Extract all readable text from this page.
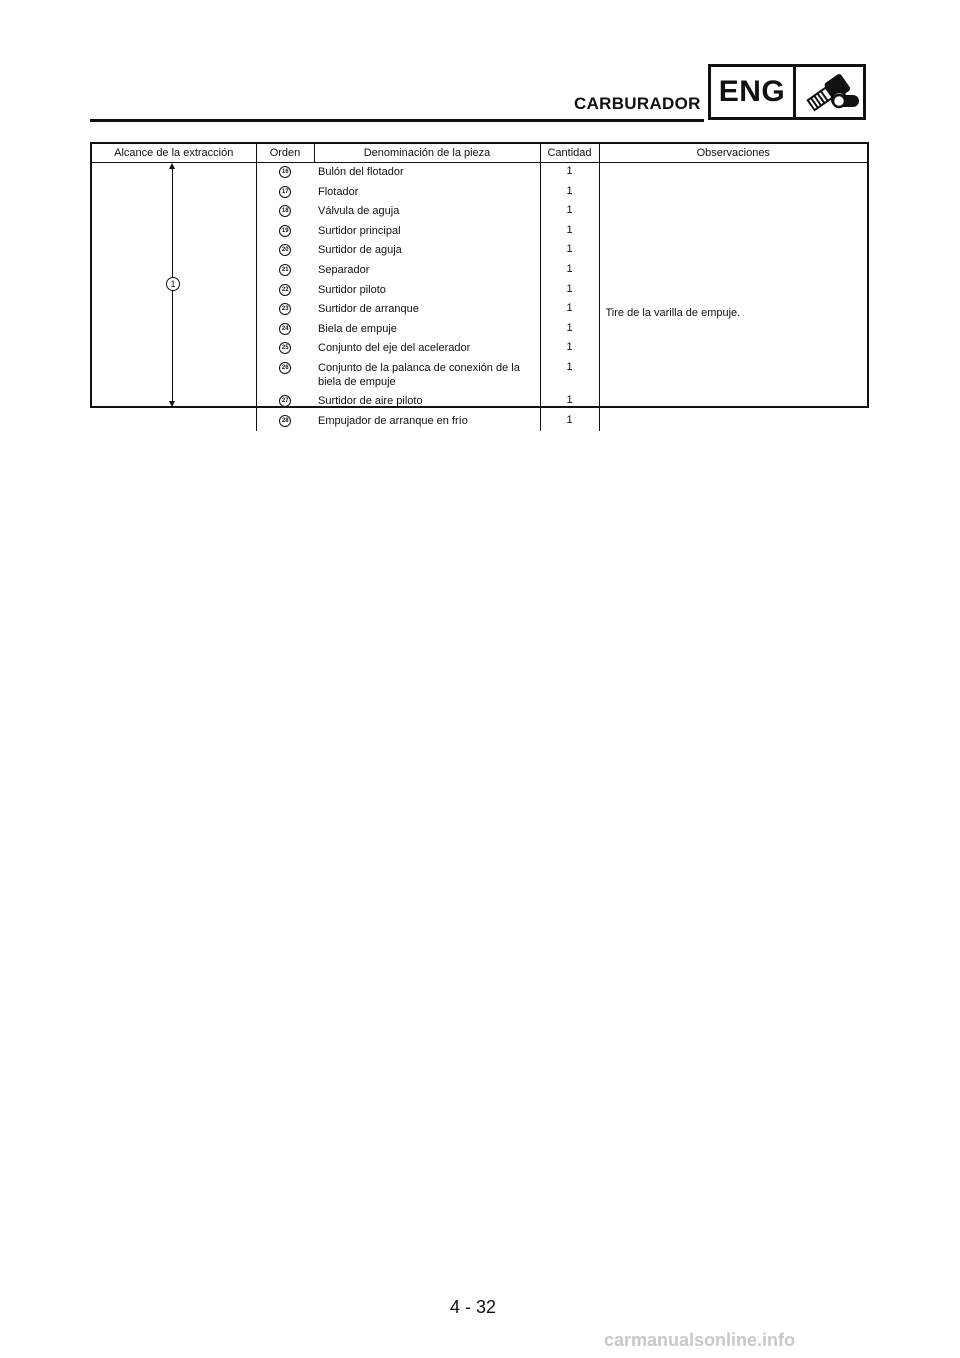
CARBURADOR ENG
Alcance de la extracción	Orden	Denominación de la pieza	Cantidad	Observaciones

1	16	Bulón del flotador	1	Tire de la varilla de empuje.

	17	Flotador	1	
	18	Válvula de aguja	1	
	19	Surtidor principal	1	
	20	Surtidor de aguja	1	
	21	Separador	1	
	22	Surtidor piloto	1	
	23	Surtidor de arranque	1	
	24	Biela de empuje	1	
	25	Conjunto del eje del acelerador	1	
	26	Conjunto de la palanca de conexión de la biela de empuje	1	
	27	Surtidor de aire piloto	1	
	28	Empujador de arranque en frío	1	
4 - 32
carmanualsonline.info
